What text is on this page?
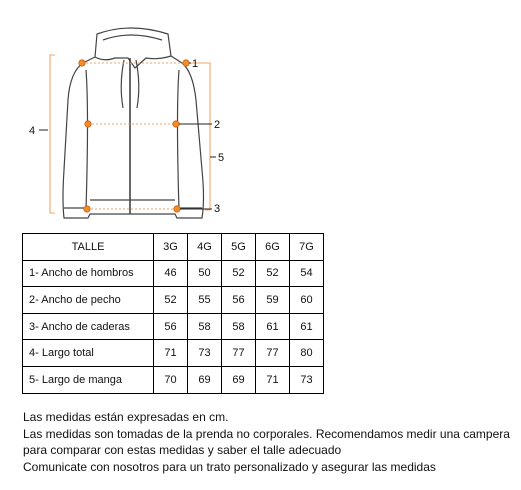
1
2
3
4
5
TALLE	3G	4G	5G	6G	7G
1- Ancho de hombros	46	50	52	52	54
2- Ancho de pecho	52	55	56	59	60
3- Ancho de caderas	56	58	58	61	61
4- Largo total	71	73	77	77	80
5- Largo de manga	70	69	69	71	73
Las medidas están expresadas en cm.
Las medidas son tomadas de la prenda no corporales. Recomendamos medir una campera
para comparar con estas medidas y saber el talle adecuado
Comunicate con nosotros para un trato personalizado y asegurar las medidas
